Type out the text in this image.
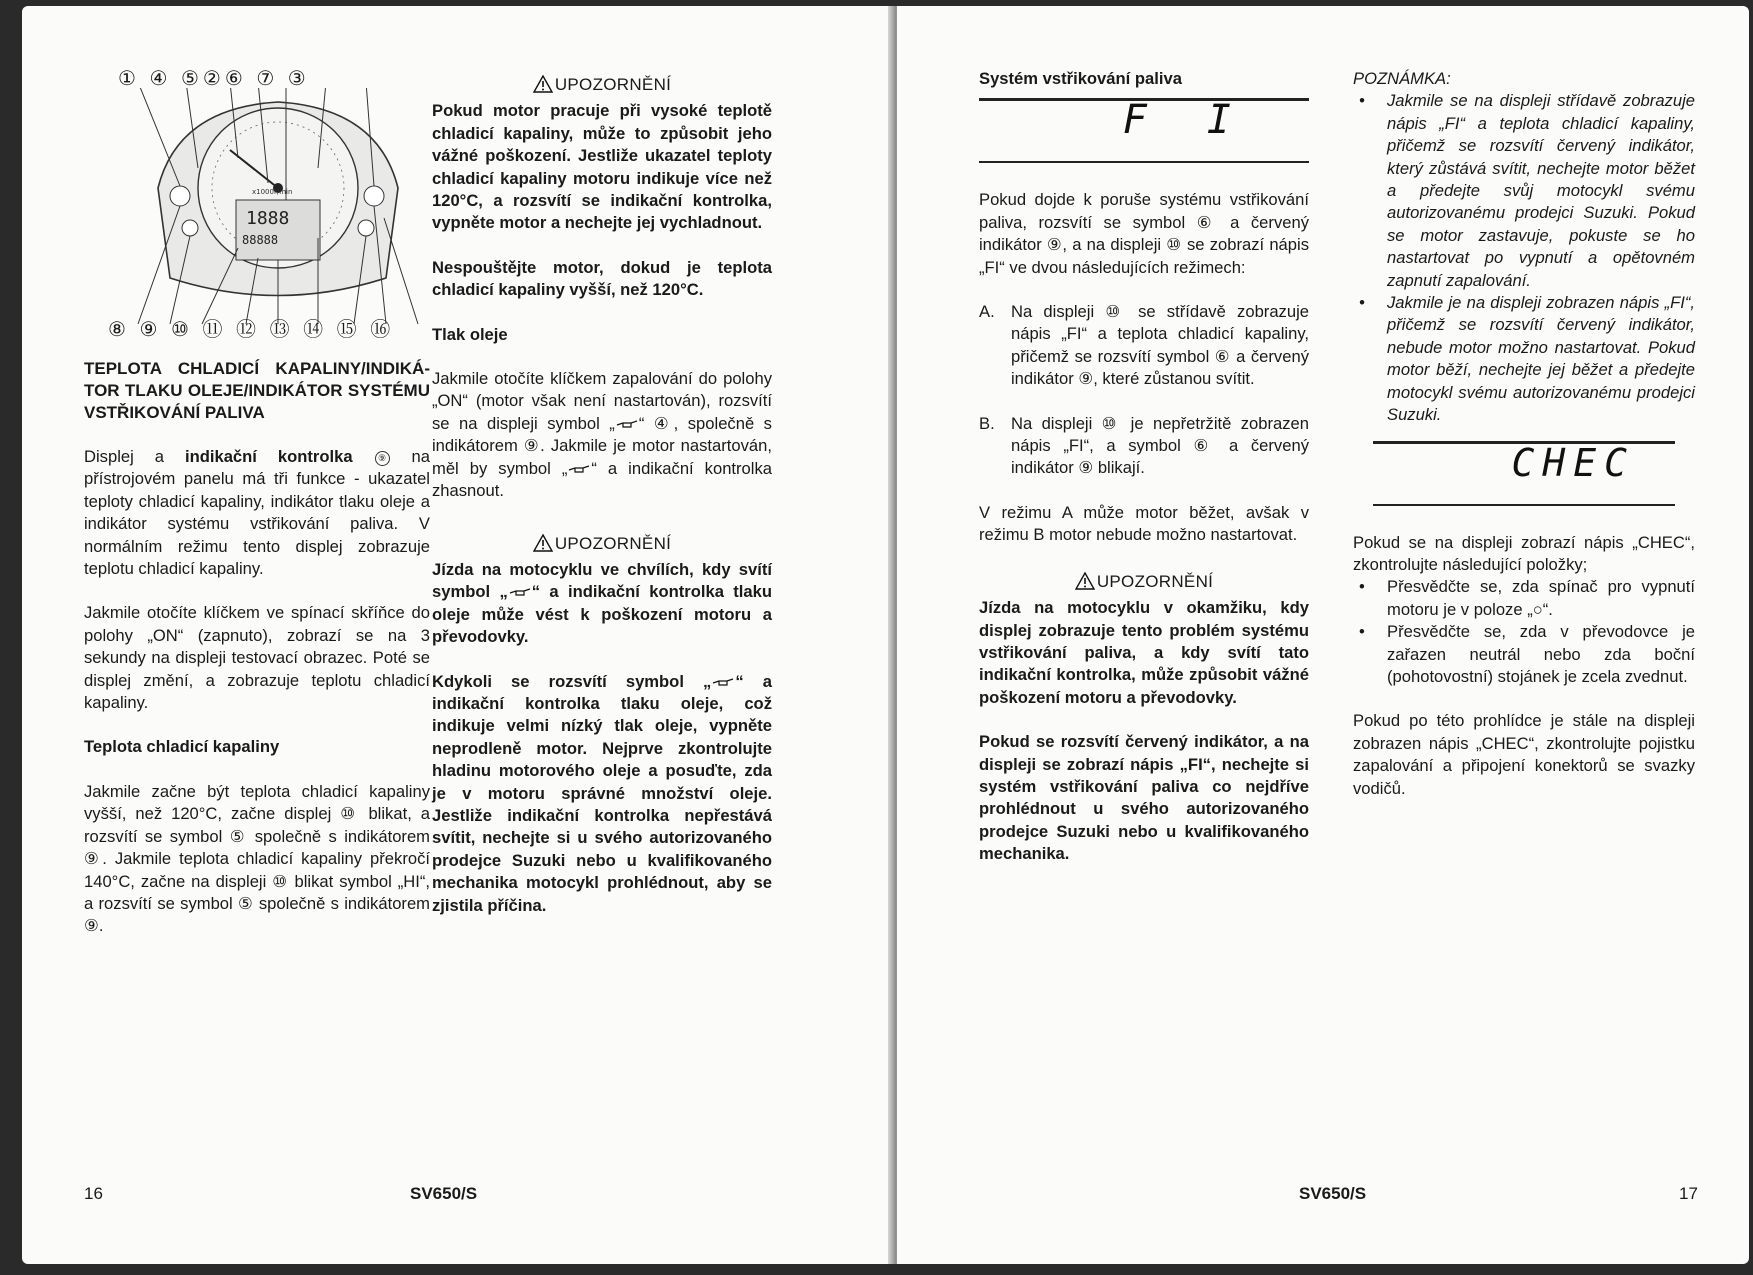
① ④ ⑤②⑥ ⑦ ③
1888
88888
x1000r/min
⑧ ⑨ ⑩ ⑪ ⑫ ⑬ ⑭ ⑮ ⑯

TEPLOTA CHLADICÍ KAPALINY/INDIKÁ-TOR TLAKU OLEJE/INDIKÁTOR SYSTÉMU VSTŘIKOVÁNÍ PALIVA

Displej a indikační kontrolka	⑨ na přístrojovém panelu má tři funkce - ukazatel teploty chladicí kapaliny, indikátor tlaku oleje a indikátor systému vstřikování paliva. V normálním režimu tento displej zobrazuje teplotu chladicí kapaliny.

Jakmile otočíte klíčkem ve spínací skříňce do polohy „ON“ (zapnuto), zobrazí se na 3 sekundy na displeji testovací obrazec. Poté se displej změní, a zobrazuje teplotu chladicí kapaliny.

Teplota chladicí kapaliny

Jakmile začne být teplota chladicí kapaliny vyšší, než 120°C, začne displej ⑩ blikat, a rozsvítí se symbol ⑤ společně s indikátorem ⑨. Jakmile teplota chladicí kapaliny překročí 140°C, začne na displeji ⑩ blikat symbol „HI“, a rozsvítí se symbol ⑤ společně s indikátorem ⑨.

UPOZORNĚNÍ

Pokud motor pracuje při vysoké teplotě chladicí kapaliny, může to způsobit jeho vážné poškození. Jestliže ukazatel teploty chladicí kapaliny motoru indikuje více než 120°C, a rozsvítí se indikační kontrolka, vypněte motor a nechejte jej vychladnout.

Nespouštějte motor, dokud je teplota chladicí kapaliny vyšší, než 120°C.

Tlak oleje

Jakmile otočíte klíčkem zapalování do polohy „ON“ (motor však není nastartován), rozsvítí se na displeji symbol „ “ ④, společně s indikátorem ⑨. Jakmile je motor nastartován, měl by symbol „ “ a indikační kontrolka zhasnout.

UPOZORNĚNÍ

Jízda na motocyklu ve chvílích, kdy svítí symbol „ “ a indikační kontrolka tlaku oleje může vést k poškození motoru a převodovky.

Kdykoli se rozsvítí symbol „ “ a indikační kontrolka tlaku oleje, což indikuje velmi nízký tlak oleje, vypněte neprodleně motor. Nejprve zkontrolujte hladinu motorového oleje a posuďte, zda je v motoru správné množství oleje. Jestliže indikační kontrolka nepřestává svítit, nechejte si u svého autorizovaného prodejce Suzuki nebo u kvalifikovaného mechanika motocykl prohlédnout, aby se zjistila příčina.

16	SV650/S

Systém vstřikování paliva

F I

Pokud dojde k poruše systému vstřikování paliva, rozsvítí se symbol ⑥ a červený indikátor ⑨, a na displeji ⑩ se zobrazí nápis „FI“ ve dvou následujících režimech:

A. Na displeji ⑩ se střídavě zobrazuje nápis „FI“ a teplota chladicí kapaliny, přičemž se rozsvítí symbol ⑥ a červený indikátor ⑨, které zůstanou svítit.
B. Na displeji ⑩ je nepřetržitě zobrazen nápis „FI“, a symbol ⑥ a červený indikátor ⑨ blikají.

V režimu A může motor běžet, avšak v režimu B motor nebude možno nastartovat.

UPOZORNĚNÍ

Jízda na motocyklu v okamžiku, kdy displej zobrazuje tento problém systému vstřikování paliva, a kdy svítí tato indikační kontrolka, může způsobit vážné poškození motoru a převodovky.

Pokud se rozsvítí červený indikátor, a na displeji se zobrazí nápis „FI“, nechejte si systém vstřikování paliva co nejdříve prohlédnout u svého autorizovaného prodejce Suzuki nebo u kvalifikovaného mechanika.

POZNÁMKA:

• Jakmile se na displeji střídavě zobrazuje nápis „FI“ a teplota chladicí kapaliny, přičemž se rozsvítí červený indikátor, který zůstává svítit, nechejte motor běžet a předejte svůj motocykl svému autorizovanému prodejci Suzuki. Pokud se motor zastavuje, pokuste se ho nastartovat po vypnutí a opětovném zapnutí zapalování.
• Jakmile je na displeji zobrazen nápis „FI“, přičemž se rozsvítí červený indikátor, nebude motor možno nastartovat. Pokud motor běží, nechejte jej běžet a předejte motocykl svému autorizovanému prodejci Suzuki.
CHEC

Pokud se na displeji zobrazí nápis „CHEC“, zkontrolujte následující položky;

• Přesvědčte se, zda spínač pro vypnutí motoru je v poloze „○“.
• Přesvědčte se, zda v převodovce je zařazen neutrál nebo zda boční (pohotovostní) stojánek je zcela zvednut.

Pokud po této prohlídce je stále na displeji zobrazen nápis „CHEC“, zkontrolujte pojistku zapalování a připojení konektorů se svazky vodičů.

SV650/S	17
